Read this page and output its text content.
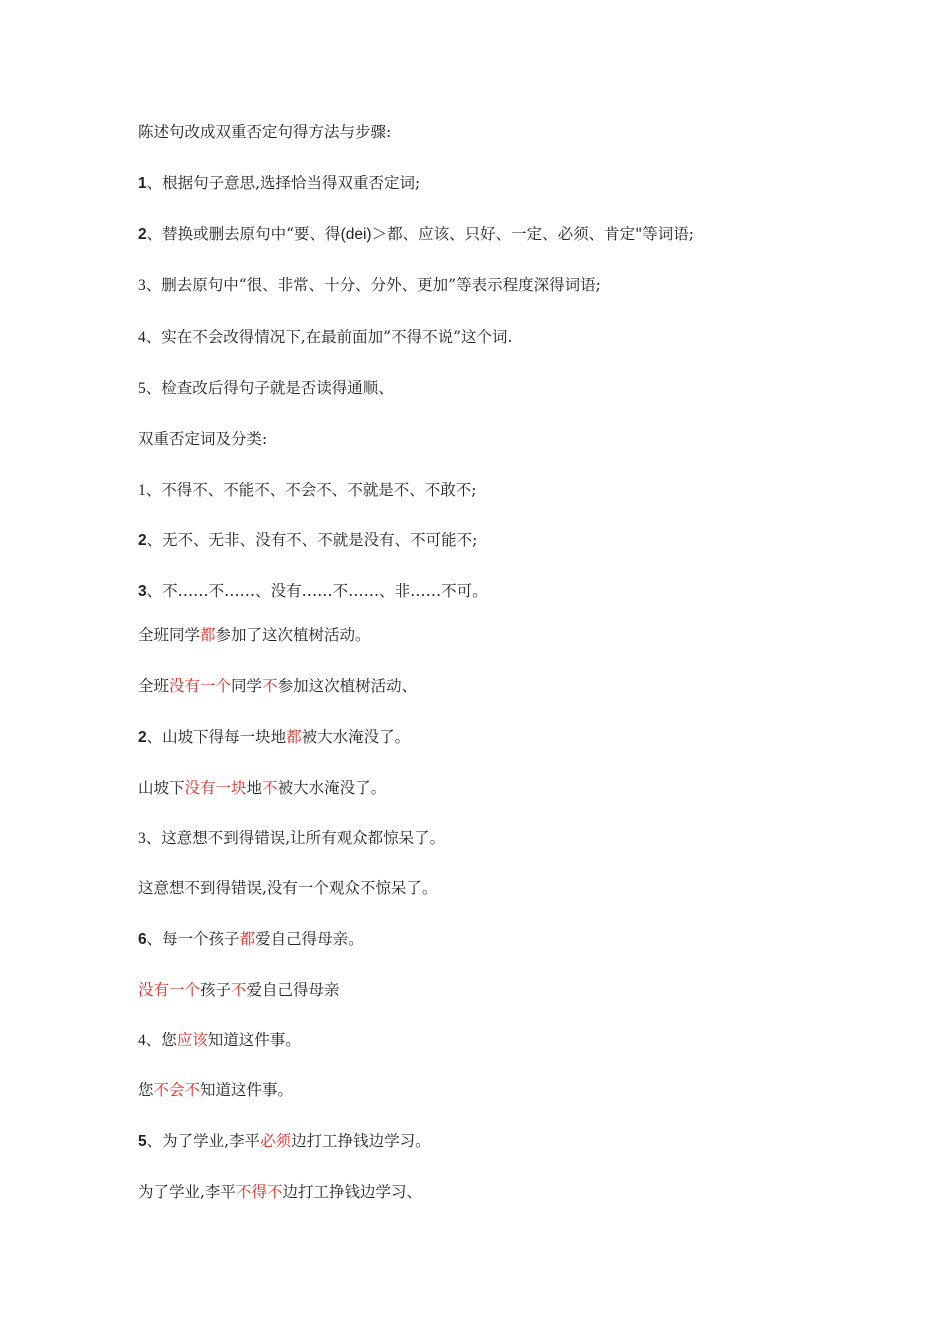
陈述句改成双重否定句得方法与步骤:
1、根据句子意思,选择恰当得双重否定词;
2、替换或删去原句中“要、得(dei)＞都、应该、只好、一定、必须、肯定"等词语;
3、删去原句中“很、非常、十分、分外、更加”等表示程度深得词语;
4、实在不会改得情况下,在最前面加”不得不说”这个词.
5、检查改后得句子就是否读得通顺、
双重否定词及分类:
1、不得不、不能不、不会不、不就是不、不敢不;
2、无不、无非、没有不、不就是没有、不可能不;
3、不……不……、没有……不……、非……不可。
全班同学都参加了这次植树活动。
全班没有一个同学不参加这次植树活动、
2、山坡下得每一块地都被大水淹没了。
山坡下没有一块地不被大水淹没了。
3、这意想不到得错误,让所有观众都惊呆了。
这意想不到得错误,没有一个观众不惊呆了。
6、每一个孩子都爱自己得母亲。
没有一个孩子不爱自己得母亲
4、您应该知道这件事。
您不会不知道这件事。
5、为了学业,李平必须边打工挣钱边学习。
为了学业,李平不得不边打工挣钱边学习、
